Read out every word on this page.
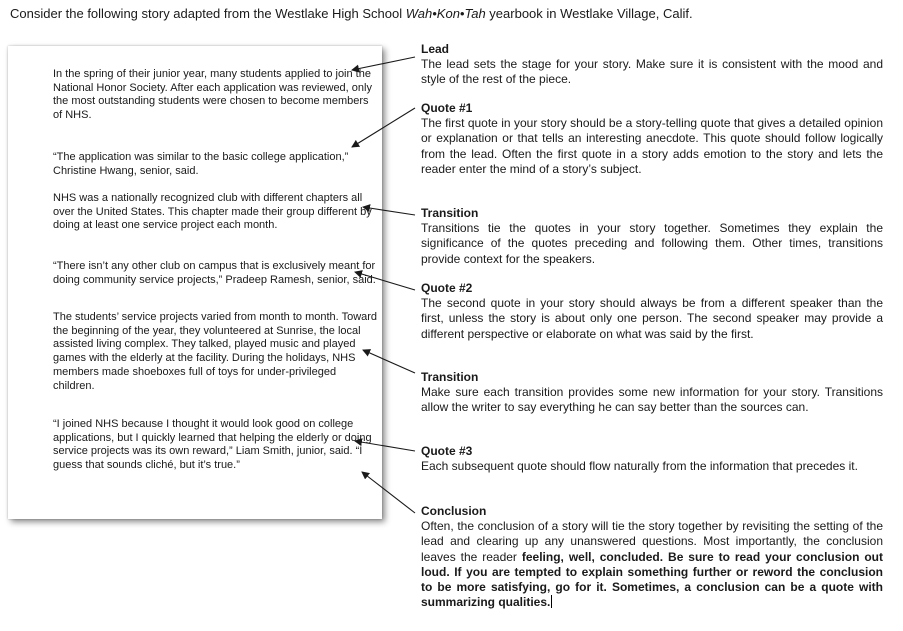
Consider the following story adapted from the Westlake High School Wah•Kon•Tah yearbook in Westlake Village, Calif.

In the spring of their junior year, many students applied to join the National Honor Society. After each application was reviewed, only the most outstanding students were chosen to become members of NHS.

“The application was similar to the basic college application,” Christine Hwang, senior, said.

NHS was a nationally recognized club with different chapters all over the United States. This chapter made their group different by doing at least one service project each month.

“There isn’t any other club on campus that is exclusively meant for doing community service projects,” Pradeep Ramesh, senior, said.

The students’ service projects varied from month to month. Toward the beginning of the year, they volunteered at Sunrise, the local assisted living complex. They talked, played music and played games with the elderly at the facility. During the holidays, NHS members made shoeboxes full of toys for under-privileged children.

“I joined NHS because I thought it would look good on college applications, but I quickly learned that helping the elderly or doing service projects was its own reward,” Liam Smith, junior, said. “I guess that sounds cliché, but it’s true.”

Lead
The lead sets the stage for your story. Make sure it is consistent with the mood and style of the rest of the piece.
Quote #1
The first quote in your story should be a story-telling quote that gives a detailed opinion or explanation or that tells an interesting anecdote. This quote should follow logically from the lead. Often the first quote in a story adds emotion to the story and lets the reader enter the mind of a story’s subject.
Transition
Transitions tie the quotes in your story together. Sometimes they explain the significance of the quotes preceding and following them. Other times, transitions provide context for the speakers.
Quote #2
The second quote in your story should always be from a different speaker than the first, unless the story is about only one person. The second speaker may provide a different perspective or elaborate on what was said by the first.
Transition
Make sure each transition provides some new information for your story. Transitions allow the writer to say everything he can say better than the sources can.
Quote #3
Each subsequent quote should flow naturally from the information that precedes it.
Conclusion
Often, the conclusion of a story will tie the story together by revisiting the setting of the lead and clearing up any unanswered questions. Most importantly, the conclusion leaves the reader feeling, well, concluded. Be sure to read your conclusion out loud. If you are tempted to explain something further or reword the conclusion to be more satisfying, go for it. Sometimes, a conclusion can be a quote with summarizing qualities.
